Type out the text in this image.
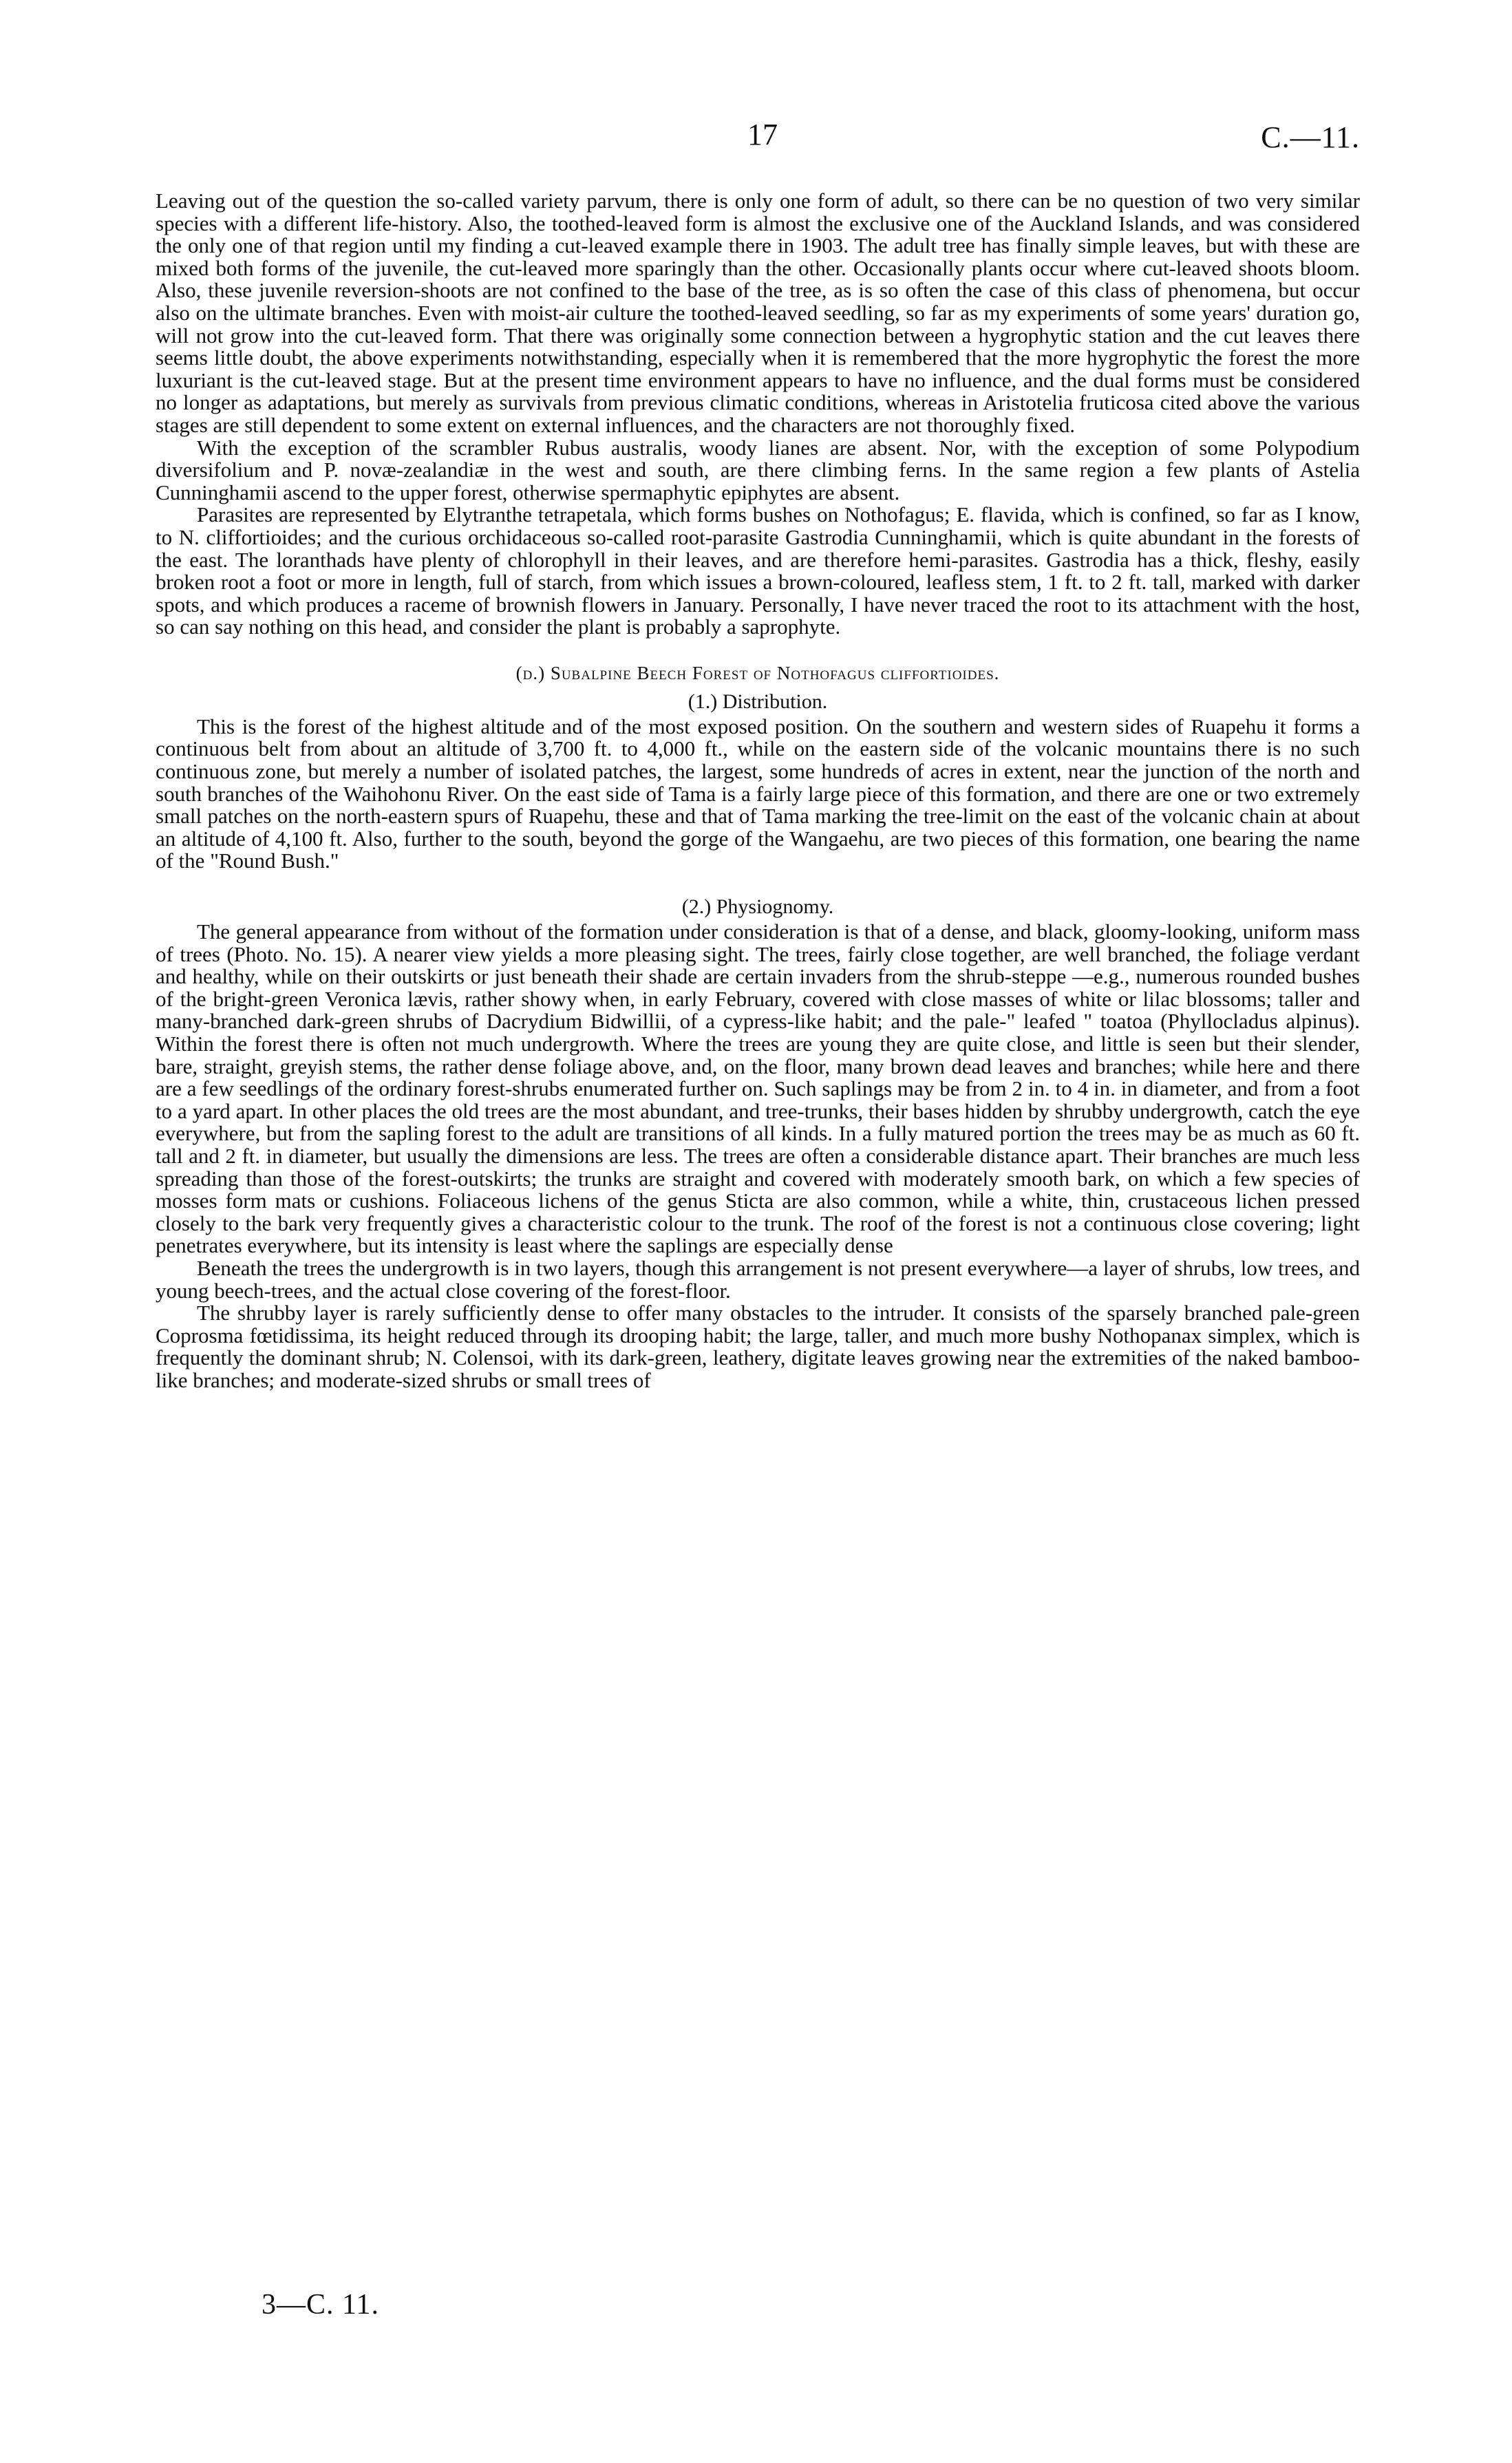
17	C.—11.

Leaving out of the question the so-called variety parvum, there is only one form of adult, so there can be no question of two very similar species with a different life-history. Also, the toothed-leaved form is almost the exclusive one of the Auckland Islands, and was considered the only one of that region until my finding a cut-leaved example there in 1903. The adult tree has finally simple leaves, but with these are mixed both forms of the juvenile, the cut-leaved more sparingly than the other. Occasionally plants occur where cut-leaved shoots bloom. Also, these juvenile reversion-shoots are not confined to the base of the tree, as is so often the case of this class of phenomena, but occur also on the ultimate branches. Even with moist-air culture the toothed-leaved seedling, so far as my experiments of some years' duration go, will not grow into the cut-leaved form. That there was originally some connection between a hygrophytic station and the cut leaves there seems little doubt, the above experiments notwithstanding, especially when it is remembered that the more hygrophytic the forest the more luxuriant is the cut-leaved stage. But at the present time environment appears to have no influence, and the dual forms must be considered no longer as adaptations, but merely as survivals from previous climatic conditions, whereas in Aristotelia fruticosa cited above the various stages are still dependent to some extent on external influences, and the characters are not thoroughly fixed.

With the exception of the scrambler Rubus australis, woody lianes are absent. Nor, with the exception of some Polypodium diversifolium and P. novæ-zealandiæ in the west and south, are there climbing ferns. In the same region a few plants of Astelia Cunninghamii ascend to the upper forest, otherwise spermaphytic epiphytes are absent.

Parasites are represented by Elytranthe tetrapetala, which forms bushes on Nothofagus; E. flavida, which is confined, so far as I know, to N. cliffortioides; and the curious orchidaceous so-called root-parasite Gastrodia Cunninghamii, which is quite abundant in the forests of the east. The loranthads have plenty of chlorophyll in their leaves, and are therefore hemi-parasites. Gastrodia has a thick, fleshy, easily broken root a foot or more in length, full of starch, from which issues a brown-coloured, leafless stem, 1 ft. to 2 ft. tall, marked with darker spots, and which produces a raceme of brownish flowers in January. Personally, I have never traced the root to its attachment with the host, so can say nothing on this head, and consider the plant is probably a saprophyte.

(d.) Subalpine Beech Forest of Nothofagus cliffortioides.
(1.) Distribution.

This is the forest of the highest altitude and of the most exposed position. On the southern and western sides of Ruapehu it forms a continuous belt from about an altitude of 3,700 ft. to 4,000 ft., while on the eastern side of the volcanic mountains there is no such continuous zone, but merely a number of isolated patches, the largest, some hundreds of acres in extent, near the junction of the north and south branches of the Waihohonu River. On the east side of Tama is a fairly large piece of this formation, and there are one or two extremely small patches on the north-eastern spurs of Ruapehu, these and that of Tama marking the tree-limit on the east of the volcanic chain at about an altitude of 4,100 ft. Also, further to the south, beyond the gorge of the Wangaehu, are two pieces of this formation, one bearing the name of the "Round Bush."

(2.) Physiognomy.

The general appearance from without of the formation under consideration is that of a dense, and black, gloomy-looking, uniform mass of trees (Photo. No. 15). A nearer view yields a more pleasing sight. The trees, fairly close together, are well branched, the foliage verdant and healthy, while on their outskirts or just beneath their shade are certain invaders from the shrub-steppe —e.g., numerous rounded bushes of the bright-green Veronica lævis, rather showy when, in early February, covered with close masses of white or lilac blossoms; taller and many-branched dark-green shrubs of Dacrydium Bidwillii, of a cypress-like habit; and the pale-" leafed " toatoa (Phyllocladus alpinus). Within the forest there is often not much undergrowth. Where the trees are young they are quite close, and little is seen but their slender, bare, straight, greyish stems, the rather dense foliage above, and, on the floor, many brown dead leaves and branches; while here and there are a few seedlings of the ordinary forest-shrubs enumerated further on. Such saplings may be from 2 in. to 4 in. in diameter, and from a foot to a yard apart. In other places the old trees are the most abundant, and tree-trunks, their bases hidden by shrubby undergrowth, catch the eye everywhere, but from the sapling forest to the adult are transitions of all kinds. In a fully matured portion the trees may be as much as 60 ft. tall and 2 ft. in diameter, but usually the dimensions are less. The trees are often a considerable distance apart. Their branches are much less spreading than those of the forest-outskirts; the trunks are straight and covered with moderately smooth bark, on which a few species of mosses form mats or cushions. Foliaceous lichens of the genus Sticta are also common, while a white, thin, crustaceous lichen pressed closely to the bark very frequently gives a characteristic colour to the trunk. The roof of the forest is not a continuous close covering; light penetrates everywhere, but its intensity is least where the saplings are especially dense

Beneath the trees the undergrowth is in two layers, though this arrangement is not present everywhere—a layer of shrubs, low trees, and young beech-trees, and the actual close covering of the forest-floor.

The shrubby layer is rarely sufficiently dense to offer many obstacles to the intruder. It consists of the sparsely branched pale-green Coprosma fœtidissima, its height reduced through its drooping habit; the large, taller, and much more bushy Nothopanax simplex, which is frequently the dominant shrub; N. Colensoi, with its dark-green, leathery, digitate leaves growing near the extremities of the naked bamboo-like branches; and moderate-sized shrubs or small trees of

3—C. 11.
